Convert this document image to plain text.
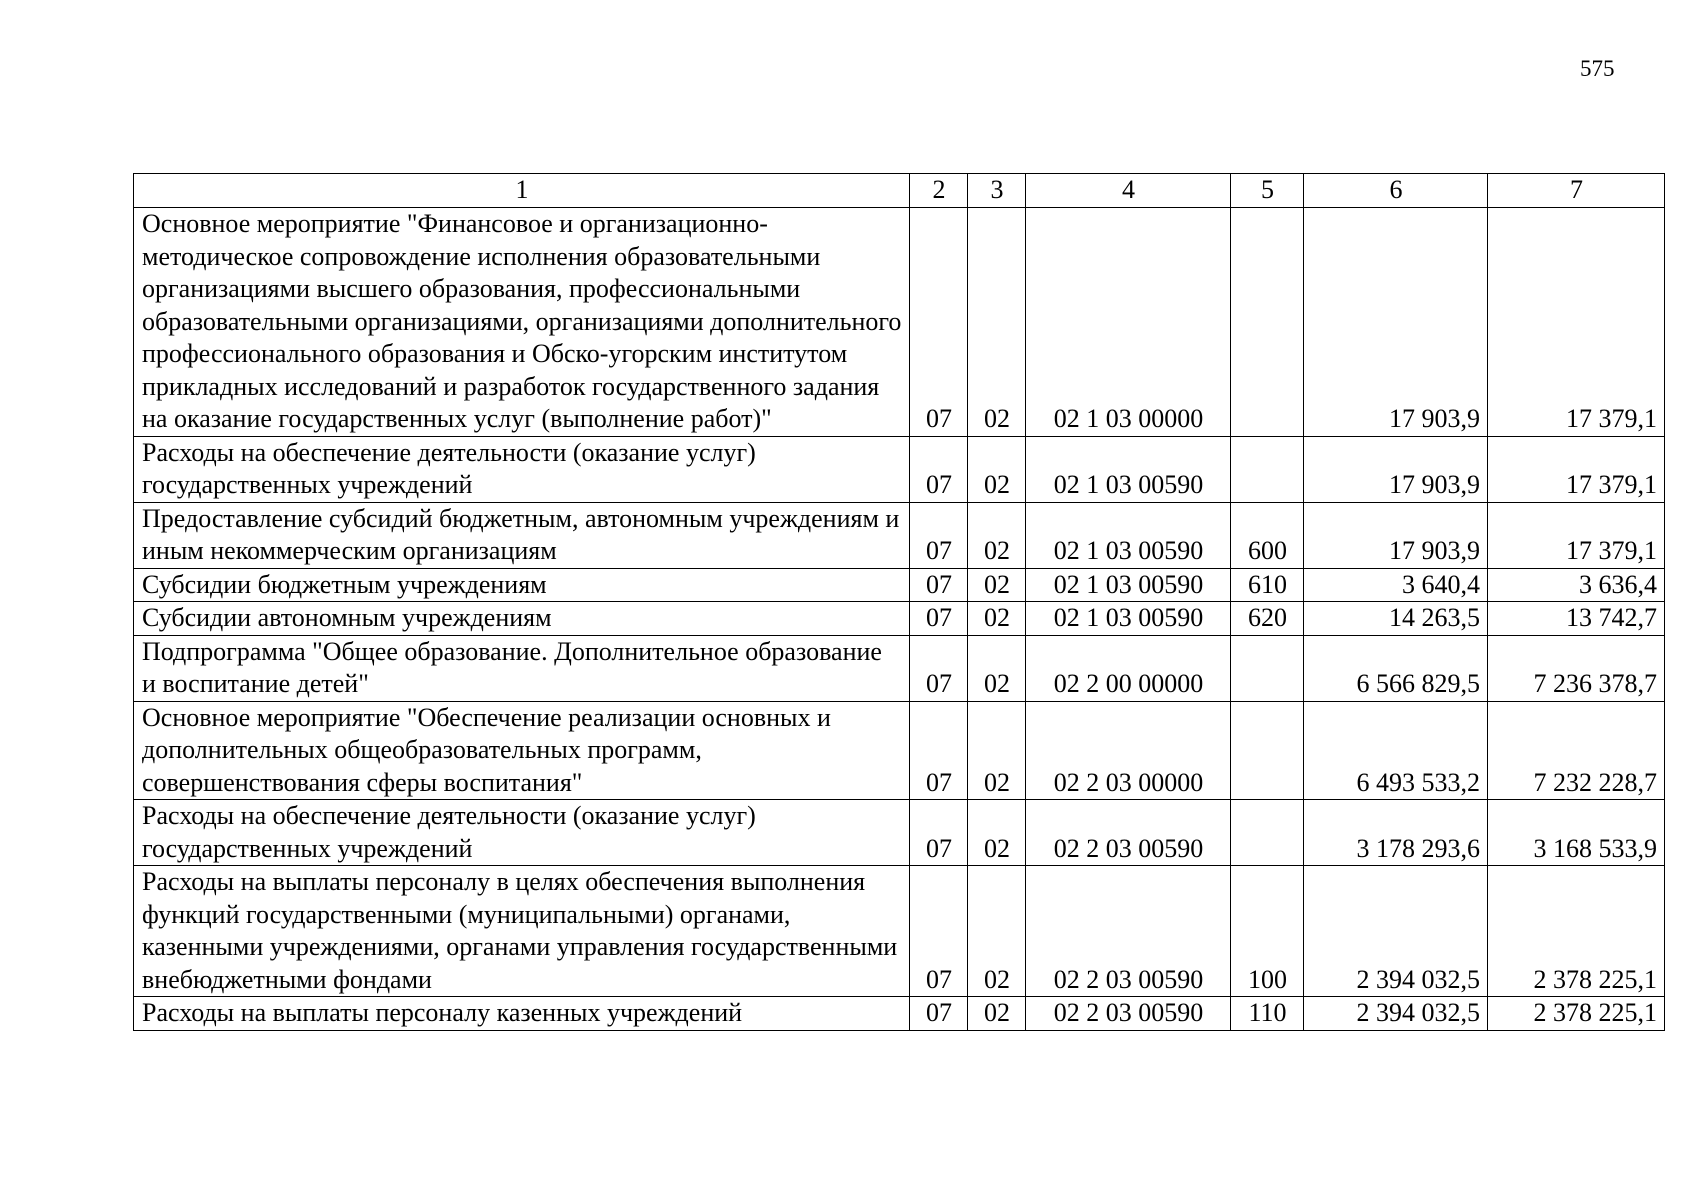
575
1	2	3	4	5	6	7
Основное мероприятие "Финансовое и организационно-методическое сопровождение исполнения образовательными организациями высшего образования, профессиональными образовательными организациями, организациями дополнительного профессионального образования и Обско-угорским институтом прикладных исследований и разработок государственного задания на оказание государственных услуг (выполнение работ)"	07	02	02 1 03 00000		17 903,9	17 379,1
Расходы на обеспечение деятельности (оказание услуг) государственных учреждений	07	02	02 1 03 00590		17 903,9	17 379,1
Предоставление субсидий бюджетным, автономным учреждениям и иным некоммерческим организациям	07	02	02 1 03 00590	600	17 903,9	17 379,1
Субсидии бюджетным учреждениям	07	02	02 1 03 00590	610	3 640,4	3 636,4
Субсидии автономным учреждениям	07	02	02 1 03 00590	620	14 263,5	13 742,7
Подпрограмма "Общее образование. Дополнительное образование и воспитание детей"	07	02	02 2 00 00000		6 566 829,5	7 236 378,7
Основное мероприятие "Обеспечение реализации основных и дополнительных общеобразовательных программ, совершенствования сферы воспитания"	07	02	02 2 03 00000		6 493 533,2	7 232 228,7
Расходы на обеспечение деятельности (оказание услуг) государственных учреждений	07	02	02 2 03 00590		3 178 293,6	3 168 533,9
Расходы на выплаты персоналу в целях обеспечения выполнения функций государственными (муниципальными) органами, казенными учреждениями, органами управления государственными внебюджетными фондами	07	02	02 2 03 00590	100	2 394 032,5	2 378 225,1
Расходы на выплаты персоналу казенных учреждений	07	02	02 2 03 00590	110	2 394 032,5	2 378 225,1
